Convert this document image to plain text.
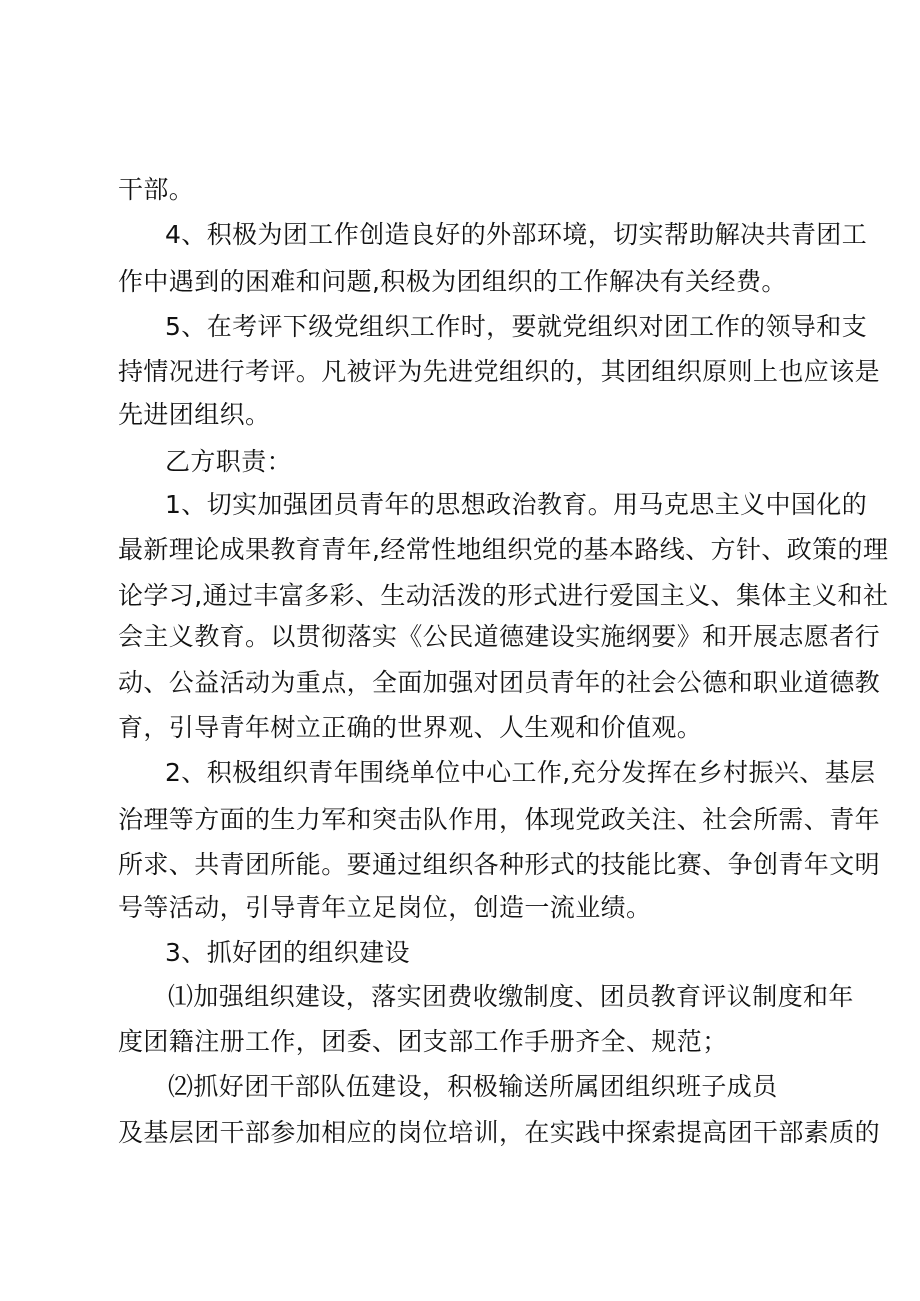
干部。
4、积极为团工作创造良好的外部环境，切实帮助解决共青团工
作中遇到的困难和问题,积极为团组织的工作解决有关经费。
5、在考评下级党组织工作时，要就党组织对团工作的领导和支
持情况进行考评。凡被评为先进党组织的，其团组织原则上也应该是
先进团组织。
乙方职责：
1、切实加强团员青年的思想政治教育。用马克思主义中国化的
最新理论成果教育青年,经常性地组织党的基本路线、方针、政策的理
论学习,通过丰富多彩、生动活泼的形式进行爱国主义、集体主义和社
会主义教育。以贯彻落实《公民道德建设实施纲要》和开展志愿者行
动、公益活动为重点，全面加强对团员青年的社会公德和职业道德教
育，引导青年树立正确的世界观、人生观和价值观。
2、积极组织青年围绕单位中心工作,充分发挥在乡村振兴、基层
治理等方面的生力军和突击队作用，体现党政关注、社会所需、青年
所求、共青团所能。要通过组织各种形式的技能比赛、争创青年文明
号等活动，引导青年立足岗位，创造一流业绩。
3、抓好团的组织建设
⑴加强组织建设，落实团费收缴制度、团员教育评议制度和年
度团籍注册工作，团委、团支部工作手册齐全、规范；
⑵抓好团干部队伍建设，积极输送所属团组织班子成员
及基层团干部参加相应的岗位培训，在实践中探索提高团干部素质的
